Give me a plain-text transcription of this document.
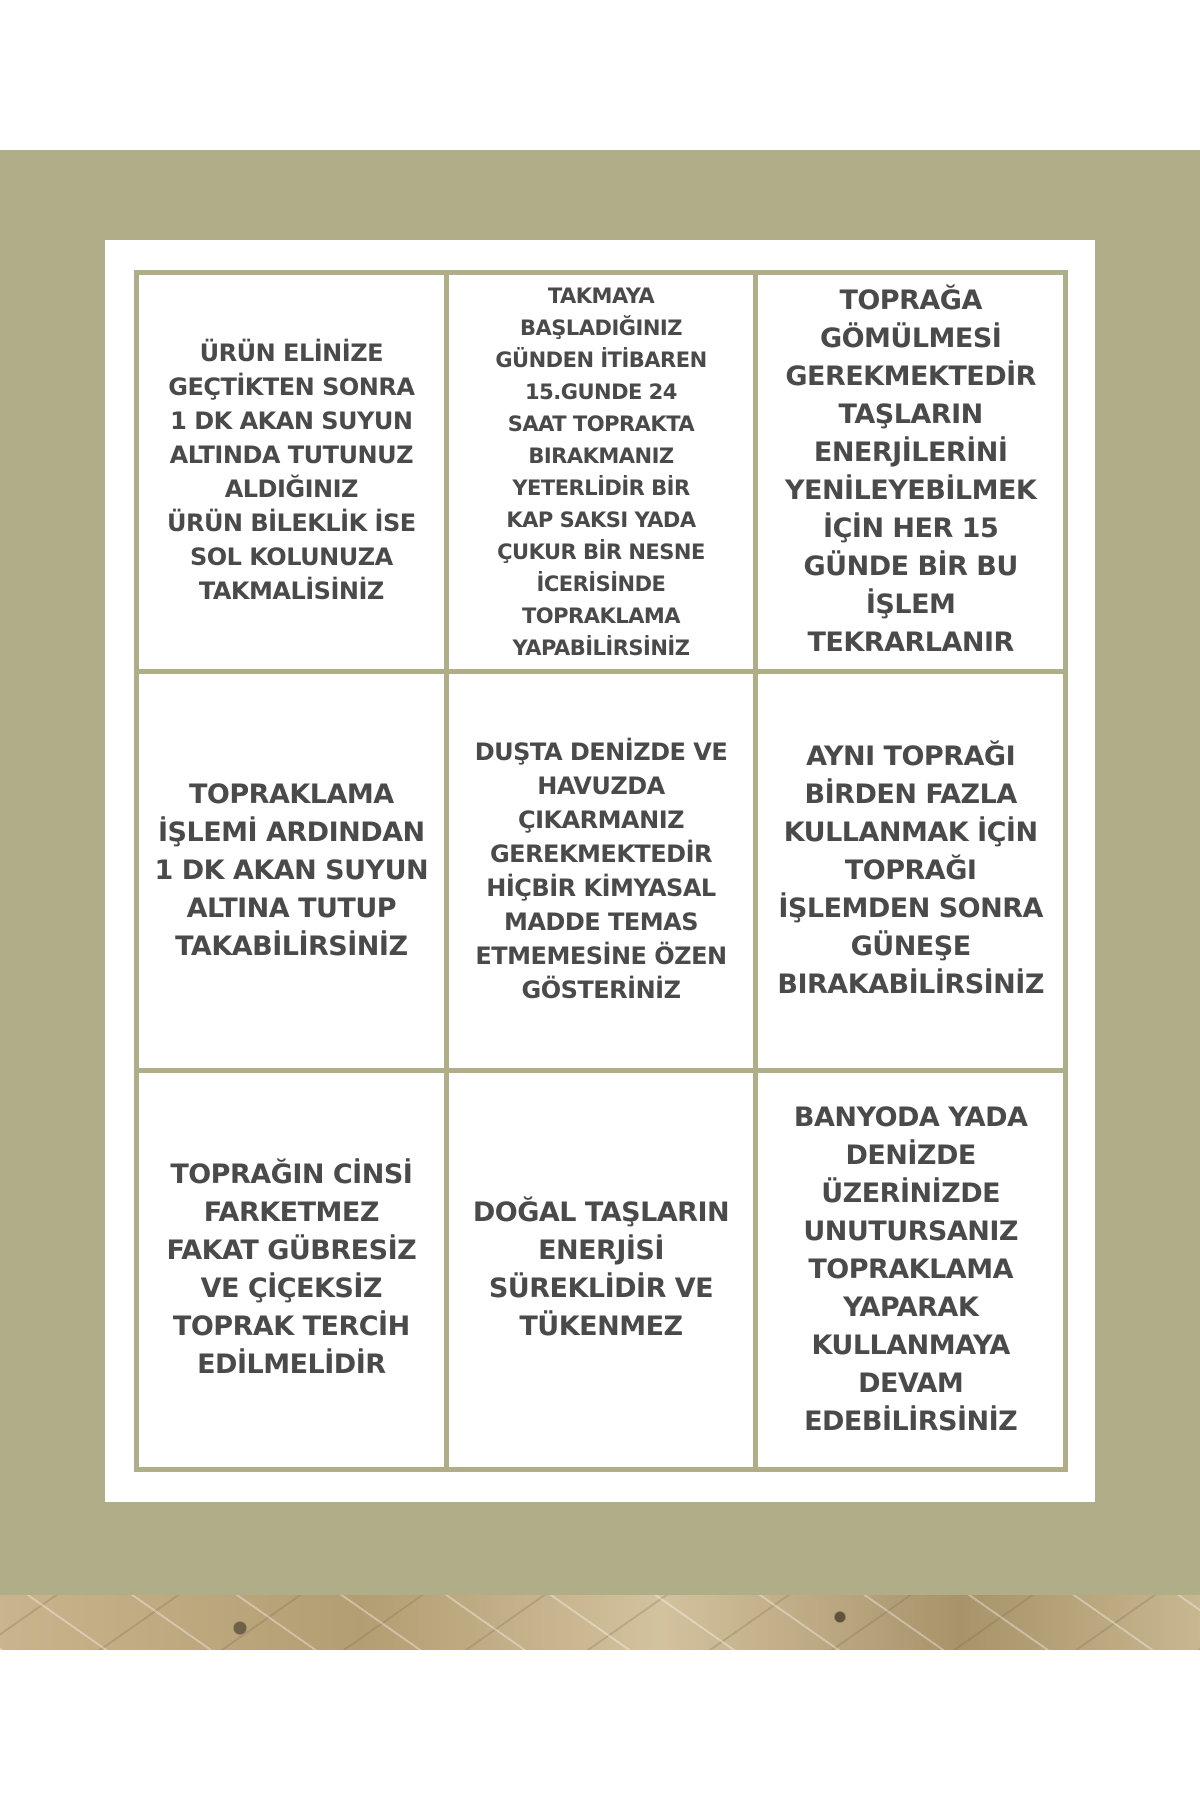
ÜRÜN ELİNİZE
GEÇTİKTEN SONRA
1 DK AKAN SUYUN
ALTINDA TUTUNUZ
ALDIĞINIZ
ÜRÜN BİLEKLİK İSE
SOL KOLUNUZA
TAKMALİSİNİZ
TAKMAYA
BAŞLADIĞINIZ
GÜNDEN İTİBAREN
15.GUNDE 24
SAAT TOPRAKTA
BIRAKMANIZ
YETERLİDİR BİR
KAP SAKSI YADA
ÇUKUR BİR NESNE
İCERİSİNDE
TOPRAKLAMA
YAPABİLİRSİNİZ
TOPRAĞA
GÖMÜLMESİ
GEREKMEKTEDİR
TAŞLARIN
ENERJİLERİNİ
YENİLEYEBİLMEK
İÇİN HER 15
GÜNDE BİR BU
İŞLEM
TEKRARLANIR
TOPRAKLAMA
İŞLEMİ ARDINDAN
1 DK AKAN SUYUN
ALTINA TUTUP
TAKABİLİRSİNİZ
DUŞTA DENİZDE VE
HAVUZDA
ÇIKARMANIZ
GEREKMEKTEDİR
HİÇBİR KİMYASAL
MADDE TEMAS
ETMEMESİNE ÖZEN
GÖSTERİNİZ
AYNI TOPRAĞI
BİRDEN FAZLA
KULLANMAK İÇİN
TOPRAĞI
İŞLEMDEN SONRA
GÜNEŞE
BIRAKABİLİRSİNİZ
TOPRAĞIN CİNSİ
FARKETMEZ
FAKAT GÜBRESİZ
VE ÇİÇEKSİZ
TOPRAK TERCİH
EDİLMELİDİR
DOĞAL TAŞLARIN
ENERJİSİ
SÜREKLİDİR VE
TÜKENMEZ
BANYODA YADA
DENİZDE
ÜZERİNİZDE
UNUTURSANIZ
TOPRAKLAMA
YAPARAK
KULLANMAYA
DEVAM
EDEBİLİRSİNİZ
